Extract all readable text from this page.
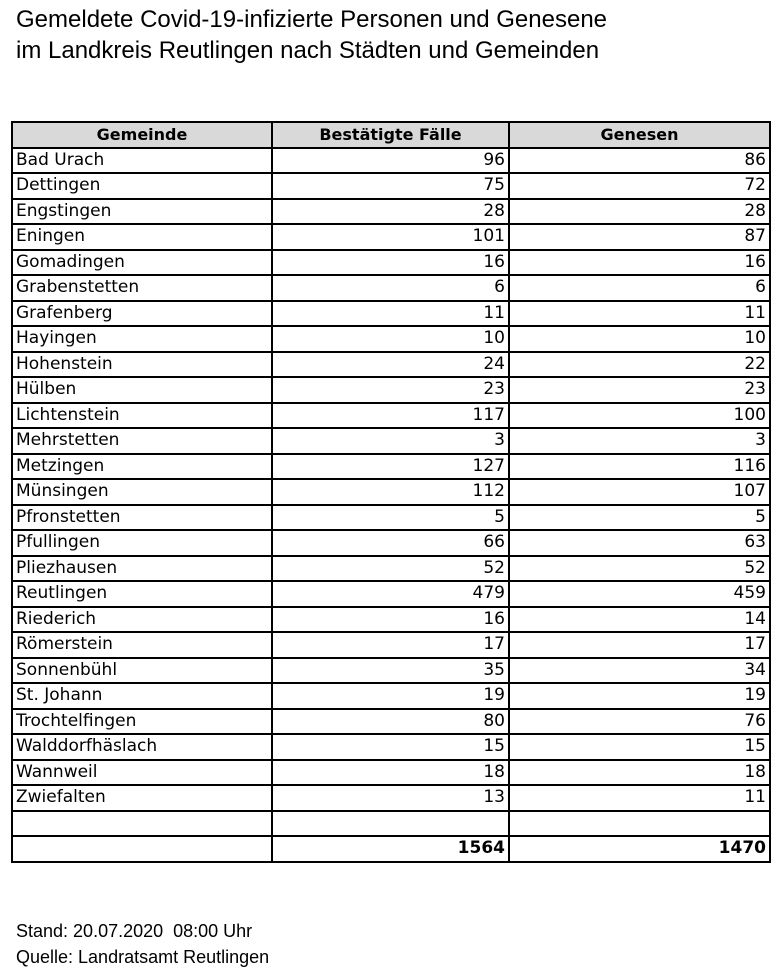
Gemeldete Covid-19-infizierte Personen und Genesene
im Landkreis Reutlingen nach Städten und Gemeinden
Gemeinde	Bestätigte Fälle	Genesen
Bad Urach	96	86
Dettingen	75	72
Engstingen	28	28
Eningen	101	87
Gomadingen	16	16
Grabenstetten	6	6
Grafenberg	11	11
Hayingen	10	10
Hohenstein	24	22
Hülben	23	23
Lichtenstein	117	100
Mehrstetten	3	3
Metzingen	127	116
Münsingen	112	107
Pfronstetten	5	5
Pfullingen	66	63
Pliezhausen	52	52
Reutlingen	479	459
Riederich	16	14
Römerstein	17	17
Sonnenbühl	35	34
St. Johann	19	19
Trochtelfingen	80	76
Walddorfhäslach	15	15
Wannweil	18	18
Zwiefalten	13	11

	1564	1470
Stand: 20.07.2020  08:00 Uhr
Quelle: Landratsamt Reutlingen
